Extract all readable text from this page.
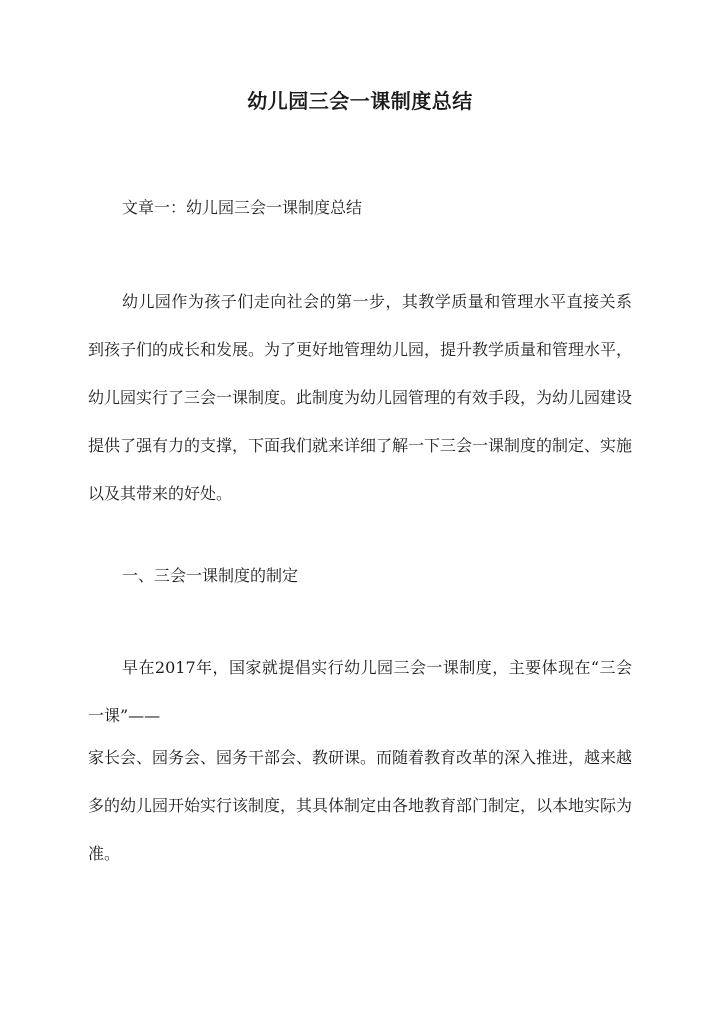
幼儿园三会一课制度总结
文章一：幼儿园三会一课制度总结
幼儿园作为孩子们走向社会的第一步，其教学质量和管理水平直接关系到孩子们的成长和发展。为了更好地管理幼儿园，提升教学质量和管理水平，幼儿园实行了三会一课制度。此制度为幼儿园管理的有效手段，为幼儿园建设提供了强有力的支撑，下面我们就来详细了解一下三会一课制度的制定、实施以及其带来的好处。
一、三会一课制度的制定
早在2017年，国家就提倡实行幼儿园三会一课制度，主要体现在“三会一课”——
家长会、园务会、园务干部会、教研课。而随着教育改革的深入推进，越来越多的幼儿园开始实行该制度，其具体制定由各地教育部门制定，以本地实际为准。
